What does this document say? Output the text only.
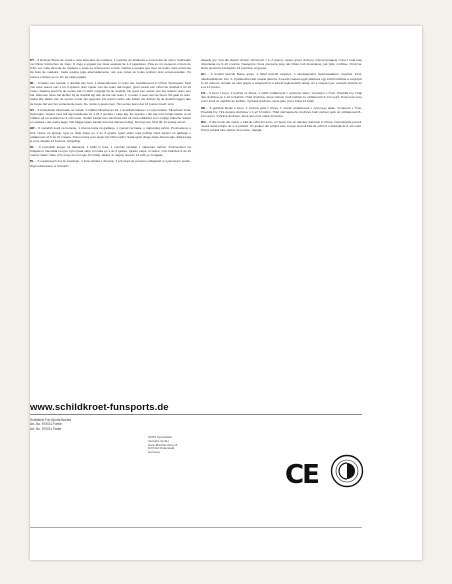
PT – 6 Esferas Boule de metal e uma bola-alvo de madeira, 1 medidor de distância e uma bolsa de nylon. Fabricado na China: Instruções de Jogo: O Jogo é jogado por duas equipas de 1-3 jogadores. Pisa-se um pequeno círculo de 0,5m em volta da bola de madeira e pode-se arremessar a bola. Ganha a equipa que tiver as bolas mais próximas da bola de madeira. Cada equipa joga alternadamente, até que todas as bolas tenham sido arremessadas. Os pontos contam-se no fim de cada jogada.

NL – 6 ballen van metaal, 1 doelbal van hout, 1 afstandsmeter in nylon tas. Gefabriceerd in China. Spelregels: Spel met twee teams van 1 tot 3 spelers. Een speler van het team dat begint, gooit vanuit een cirkel de doelbal 6 tot 10 meter. Daarna gooit hij de eerste bal zo dicht mogelijk bij de doelbal. Nu gooit een speler van het andere team een bal. Wanneer deze bal dichter bij de doelbal ligt dan de bal van team 1, is team 1 weer aan de beurt. Dit gaat zo door, totdat alle ballen van de eerste ronde zijn gegooid. Als punten tellen alle ballen die dichter bij de doelbal liggen dan de beste bal van het verliezende team. De ronde is gewonnen. Het eerste team dat 13 punten heeft, wint.

SV – 6 boulebollar tillverkade av metall, 1 målklot tillverkat av trä, 1 avståndsmätare i en nylonväska. Tillverkad i Kina: Spelregler: Spelet med två lag bestående av 1 till 3 spelare i varje lag. En spelare i det lag som börjar kastar ut ett målklot på ett avstånd av 6–10 meter. Sedan kastar han sitt första klot så nära målklotet som möjligt. Därefter kastar en spelare i det andra laget. När bägge lagen kastat sina klot räknas poäng. Det lag som först får 13 poäng vinner.

HR – 6 metalnih kugli za boćanje, 1 drvena lopta za gađanje, 1 mjerač razmaka, u najlonskoj torbici. Proizvedeno u Kini: Upute za igranje: Igra se dvije ekipe po 1 do 3 igrača. Igrač ekipe koja počinje baca lopticu za gađanje u udaljenosti od 6 do 10 metara. Potom baca prvu kuglu što bliže loptici. Sada igrač druge ekipe baca kuglu. Ekipa koja je prva skupila 13 bodova, pobjeđuje.

SL – 6 kovinskih krogel za balinanje, 1 balin iz lesa, 1 merilnik razdalje z najlonsko torbico. Proizvedeno na Kitajskem: Navodila za igro: Igro igrata ekipi, ki imata po 1 do 3 igralce. Igralec ekipe, ki začne, vrže balinček 6 do 10 metrov daleč. Nato vrže svojo prvo kroglo čim bližje. Ekipa, ki najprej doseže 13 točk, je zmagala.

PL – 6 metalowych kul do bowlingu, 1 kula świnka z drewna, 1 przyrząd do pomiaru odległości w nylonowym worku. Wyprodukowano w Chinach.

Zasady gry: Gra dla dwóch drużyn złożonych z 1–3 graczy. Jeden gracz drużyny rozpoczynającej rzuca z koła kulę drewnianą na 6–10 metrów. Następnie rzuca pierwszą kulę tak blisko kuli drewnianej, jak tylko możliwe. Drużyna, która pierwsza zdobędzie 13 punktów, wygrywa.

HU – 6 fémből készült Boule golyó, 1 fából készült célgolyó, 1 távolságmérő nejlontasakban. Gyártva: Kína. Játékszabályok: Két, 1–3 játékosból álló csapat játssza. A kezdő csapat egyik játékosa egy körből kidobja a célgolyót 6–10 méterre. Ezután az első golyót a célgolyóhoz a lehető legközelebb dobja. Az a csapat nyer, amelyik először éri el a 13 pontot.

CS – 6 koulí z kovu, 1 kolíček ze dřeva, 1 měřič vzdálenosti v nylonové tašce. Vyrobeno v Číně. Pravidla hry: Hrají dvě družstva po 1 až 3 hráčích. Hráč družstva, které začíná, hodí kolíček ze vzdálenosti 6–10 metrů. Poté hodí svou první kouli co nejblíže ke kolíčku. Vyhrává družstvo, které jako první získá 13 bodů.

SK – 6 guľôčok Boule z kovu, 1 cieľová guľa z dreva, 1 merač vzdialenosti v nylonovej taške. Vyrobené v Číne. Pravidlá hry: Hrá dvojica družstiev s 1 až 3 hráčmi. Hráč začínajúceho družstva hodí cieľovú guľu do vzdialenosti 6–10 metrov. Vyhráva družstvo, ktoré ako prvé získa 13 bodov.

RO – 6 bile boule din metal, o bilă de ochit din lemn, un Spion într-un săculeţ. Fabricat în China. Instrucţiunile jocului: Joacă două echipe de 1–3 jucători. Un jucător din echipa care începe aruncă bila de ochit la o distanţă de 6–10 metri. Prima echipă care obţine 13 puncte, câştigă.

www.schildkroet-funsports.de
Schildkröt Fun Sports Boules
Art.-No. 970011 Farbe:
Art. No. 970011 Farbe
SPITS Sportartikel
Vertriebs GmbH
Hans-Brüchler-Weg 15
D-67112 Mutterstadt
Germany
CE
